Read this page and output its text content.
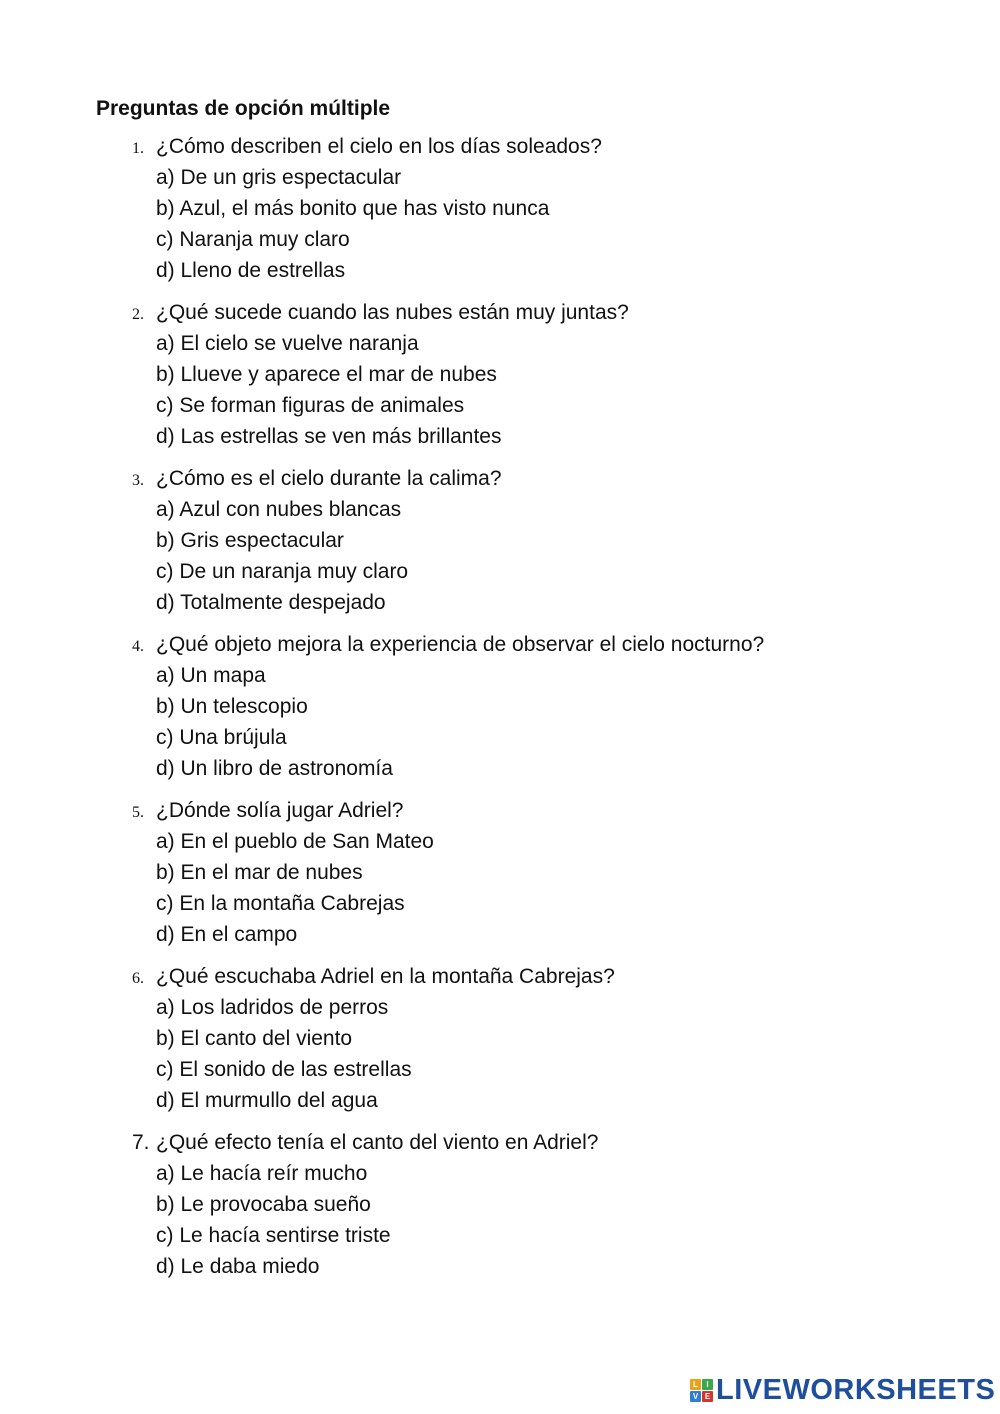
Preguntas de opción múltiple
1. ¿Cómo describen el cielo en los días soleados?
a) De un gris espectacular
b) Azul, el más bonito que has visto nunca
c) Naranja muy claro
d) Lleno de estrellas
2. ¿Qué sucede cuando las nubes están muy juntas?
a) El cielo se vuelve naranja
b) Llueve y aparece el mar de nubes
c) Se forman figuras de animales
d) Las estrellas se ven más brillantes
3. ¿Cómo es el cielo durante la calima?
a) Azul con nubes blancas
b) Gris espectacular
c) De un naranja muy claro
d) Totalmente despejado
4. ¿Qué objeto mejora la experiencia de observar el cielo nocturno?
a) Un mapa
b) Un telescopio
c) Una brújula
d) Un libro de astronomía
5. ¿Dónde solía jugar Adriel?
a) En el pueblo de San Mateo
b) En el mar de nubes
c) En la montaña Cabrejas
d) En el campo
6. ¿Qué escuchaba Adriel en la montaña Cabrejas?
a) Los ladridos de perros
b) El canto del viento
c) El sonido de las estrellas
d) El murmullo del agua
7. ¿Qué efecto tenía el canto del viento en Adriel?
a) Le hacía reír mucho
b) Le provocaba sueño
c) Le hacía sentirse triste
d) Le daba miedo
L	I
V E LIVEWORKSHEETS
